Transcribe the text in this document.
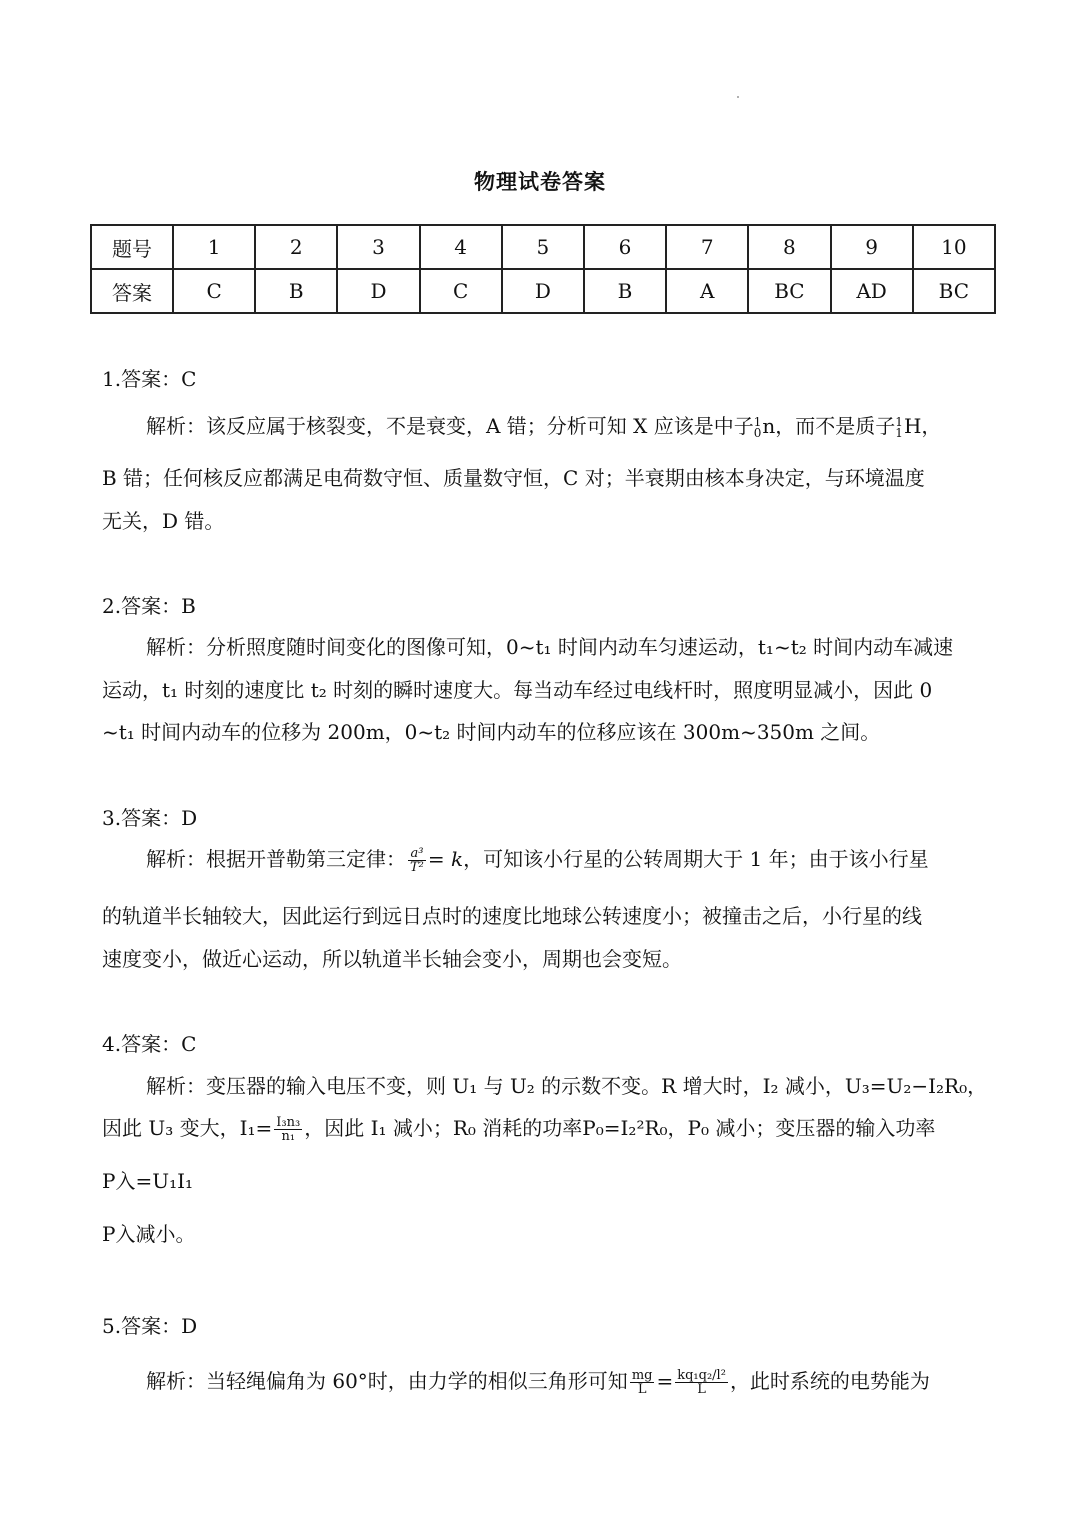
物理试卷答案
题号	1	2	3	4	5	6	7	8	9	10
答案	C	B	D	C	D	B	A	BC	AD	BC
1.答案：C
解析：该反应属于核裂变，不是衰变，A 错；分析可知 X 应该是中子 1
0 n，而不是质子 1
1 H，
B 错；任何核反应都满足电荷数守恒、质量数守恒，C 对；半衰期由核本身决定，与环境温度
无关，D 错。
2.答案：B
解析：分析照度随时间变化的图像可知，0~t₁ 时间内动车匀速运动，t₁~t₂ 时间内动车减速
运动，t₁ 时刻的速度比 t₂ 时刻的瞬时速度大。每当动车经过电线杆时，照度明显减小，因此 0
~t₁ 时间内动车的位移为 200m，0~t₂ 时间内动车的位移应该在 300m~350m 之间。
3.答案：D
解析：根据开普勒第三定律： $\frac{\text{a³}}{\text{T²}} = k$，可知该小行星的公转周期大于 1 年；由于该小行星
的轨道半长轴较大，因此运行到远日点时的速度比地球公转速度小；被撞击之后，小行星的线
速度变小，做近心运动，所以轨道半长轴会变小，周期也会变短。
4.答案：C
解析：变压器的输入电压不变，则 U₁ 与 U₂ 的示数不变。R 增大时，I₂ 减小，U₃=U₂−I₂R₀，
因此 U₃ 变大，$I_1= \frac{\text{I₃n₃}}{\text{n₁}}$ ，因此 I₁ 减小；R₀ 消耗的功率P₀=I₂²R₀，P₀ 减小；变压器的输入功率
P入=U₁I₁
P入减小。
5.答案：D
解析：当轻绳偏角为 60°时，由力学的相似三角形可知 $\frac{mg}{L} = \frac{\text{kq₁q₂/l²}}{L}$ ，此时系统的电势能为
